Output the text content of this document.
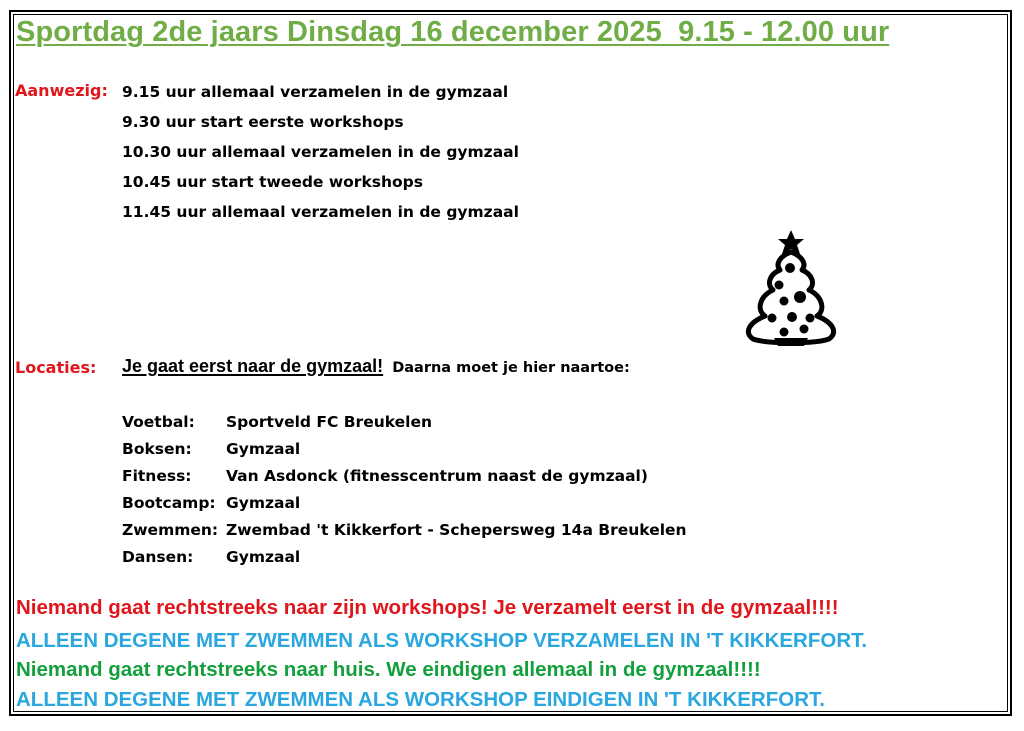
Sportdag 2de jaars Dinsdag 16 december 2025  9.15 - 12.00 uur
Aanwezig: 9.15 uur allemaal verzamelen in de gymzaal
9.30 uur start eerste workshops
10.30 uur allemaal verzamelen in de gymzaal
10.45 uur start tweede workshops
11.45 uur allemaal verzamelen in de gymzaal
Locaties: Je gaat eerst naar de gymzaal! Daarna moet je hier naartoe:
Voetbal: Sportveld FC Breukelen
Boksen: Gymzaal
Fitness: Van Asdonck (fitnesscentrum naast de gymzaal)
Bootcamp: Gymzaal
Zwemmen: Zwembad 't Kikkerfort - Schepersweg 14a Breukelen
Dansen: Gymzaal
Niemand gaat rechtstreeks naar zijn workshops! Je verzamelt eerst in de gymzaal!!!!
ALLEEN DEGENE MET ZWEMMEN ALS WORKSHOP VERZAMELEN IN 'T KIKKERFORT.
Niemand gaat rechtstreeks naar huis. We eindigen allemaal in de gymzaal!!!!
ALLEEN DEGENE MET ZWEMMEN ALS WORKSHOP EINDIGEN IN 'T KIKKERFORT.
